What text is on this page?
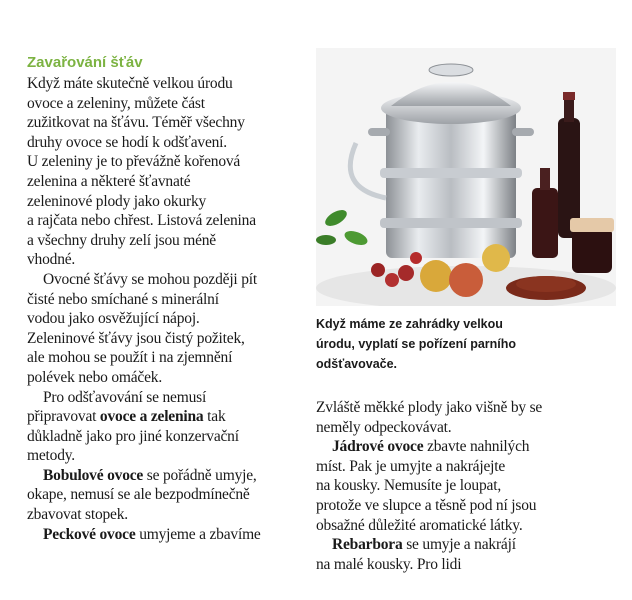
Zavařování šťáv

Když máte skutečně velkou úrodu
ovoce a zeleniny, můžete část
zužitkovat na šťávu. Téměř všechny
druhy ovoce se hodí k odšťavení.
U zeleniny je to převážně kořenová
zelenina a některé šťavnaté
zeleninové plody jako okurky
a rajčata nebo chřest. Listová zelenina
a všechny druhy zelí jsou méně
vhodné.

Ovocné šťávy se mohou později pít
čisté nebo smíchané s minerální
vodou jako osvěžující nápoj.
Zeleninové šťávy jsou čistý požitek,
ale mohou se použít i na zjemnění
polévek nebo omáček.

Pro odšťavování se nemusí
připravovat ovoce a zelenina tak
důkladně jako pro jiné konzervační
metody.

Bobulové ovoce se pořádně umyje,
okape, nemusí se ale bezpodmínečně
zbavovat stopek.

Peckové ovoce umyjeme a zbavíme

Když máme ze zahrádky velkou
úrodu, vyplatí se pořízení parního
odšťavovače.

Zvláště měkké plody jako višně by se
neměly odpeckovávat.

Jádrové ovoce zbavte nahnilých
míst. Pak je umyjte a nakrájejte
na kousky. Nemusíte je loupat,
protože ve slupce a těsně pod ní jsou
obsažné důležité aromatické látky.

Rebarbora se umyje a nakrájí
na malé kousky. Pro lidi
